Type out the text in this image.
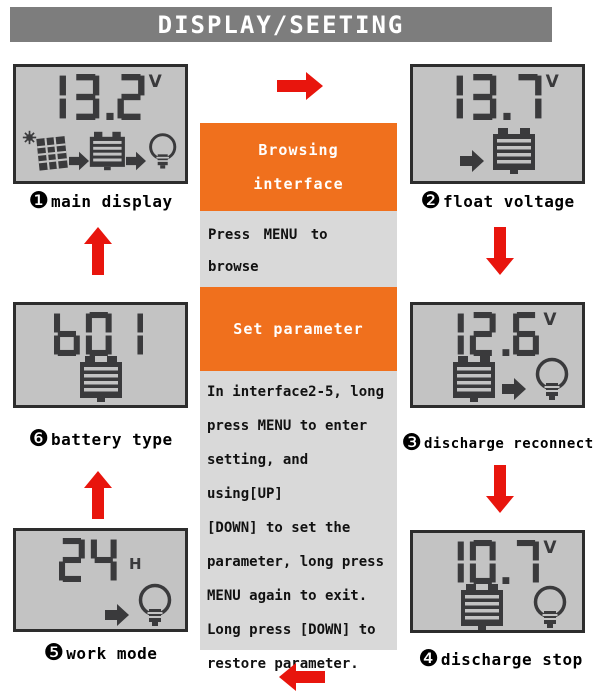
DISPLAY/SEETING
V
❶ main display
V
❷ float voltage
V
❸ discharge reconnect
❻ battery type
H
❺ work mode
V
❹ discharge stop
Browsing
interface
Press MENU to browse
Set parameter
In interface2-5, long
press MENU to enter
setting, and using[UP]
[DOWN] to set the
parameter, long press
MENU again to exit.
Long press [DOWN] to
restore parameter.
